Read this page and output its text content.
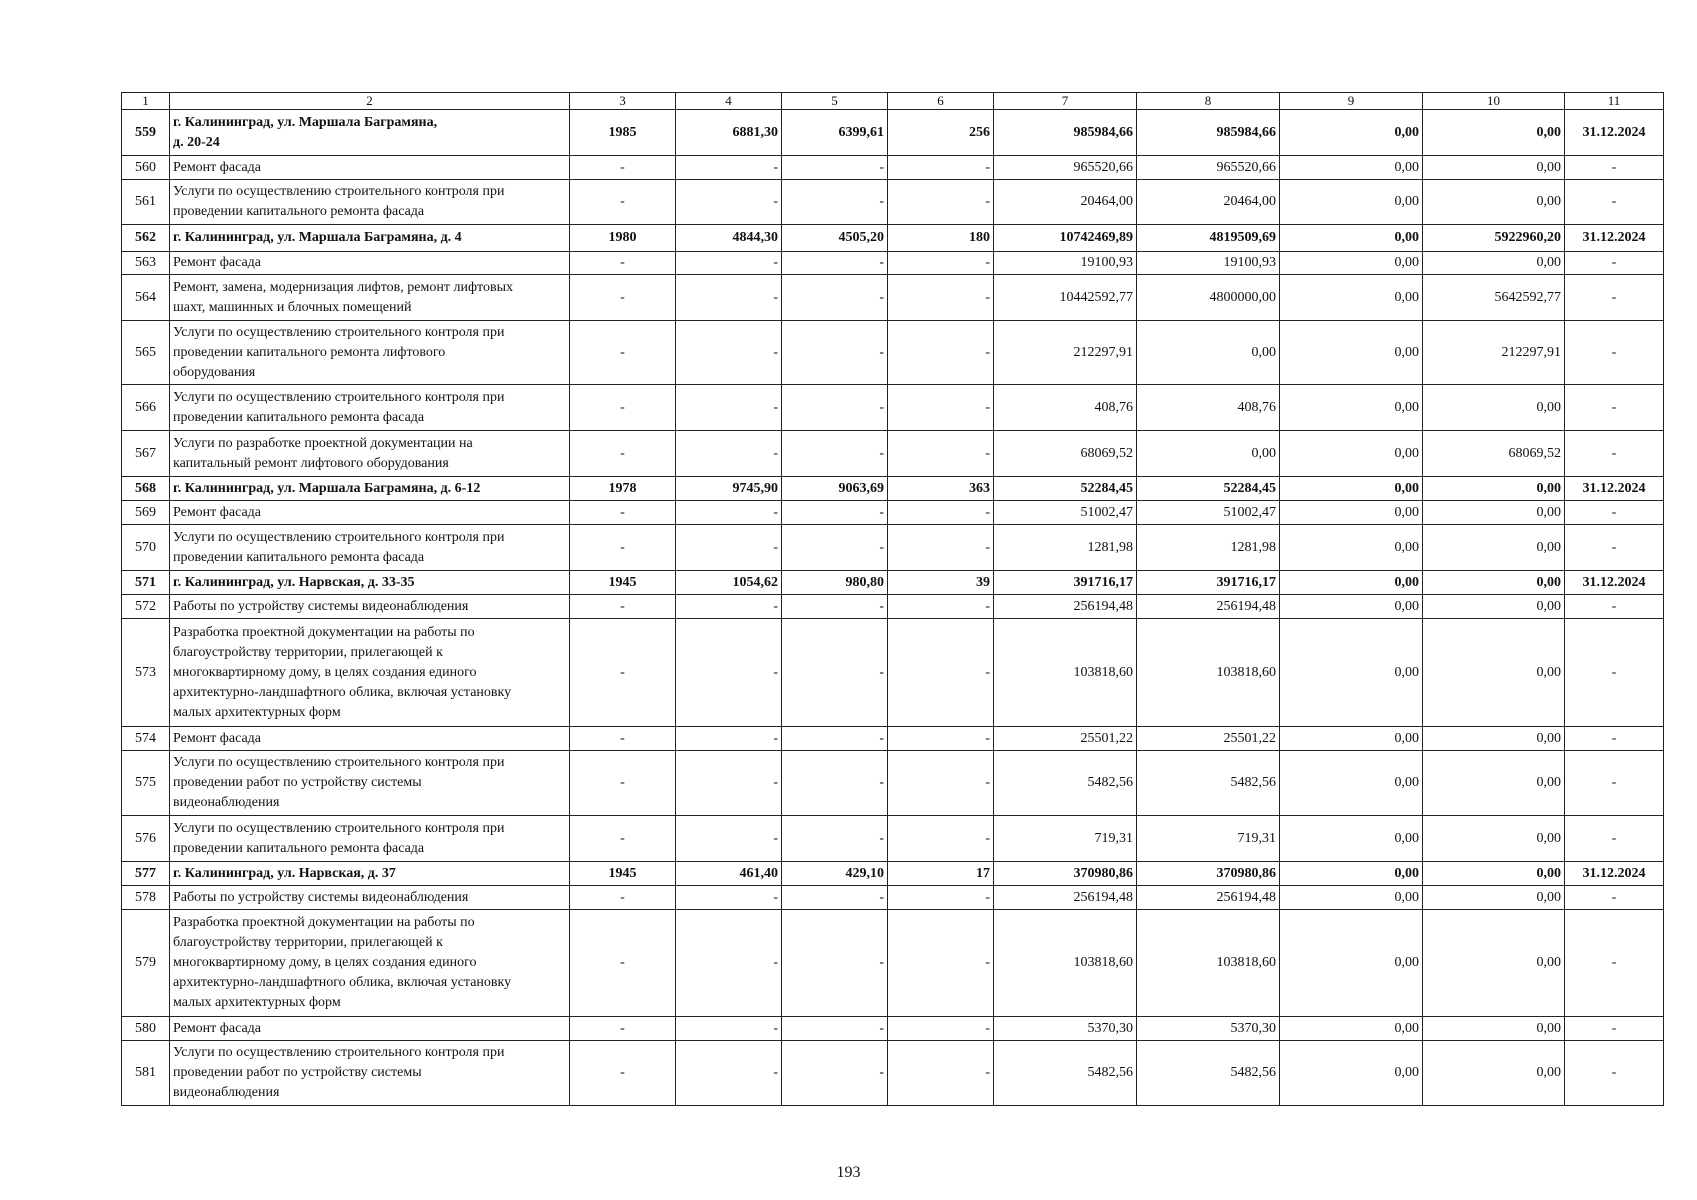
1	2	3	4	5	6	7	8	9	10	11
559	г. Калининград, ул. Маршала Баграмяна,
д. 20-24	1985	6881,30	6399,61	256	985984,66	985984,66	0,00	0,00	31.12.2024
560	Ремонт фасада	-	-	-	-	965520,66	965520,66	0,00	0,00	-
561	Услуги по осуществлению строительного контроля при
проведении капитального ремонта фасада	-	-	-	-	20464,00	20464,00	0,00	0,00	-
562	г. Калининград, ул. Маршала Баграмяна, д. 4	1980	4844,30	4505,20	180	10742469,89	4819509,69	0,00	5922960,20	31.12.2024
563	Ремонт фасада	-	-	-	-	19100,93	19100,93	0,00	0,00	-
564	Ремонт, замена, модернизация лифтов, ремонт лифтовых
шахт, машинных и блочных помещений	-	-	-	-	10442592,77	4800000,00	0,00	5642592,77	-
565	Услуги по осуществлению строительного контроля при
проведении капитального ремонта лифтового
оборудования	-	-	-	-	212297,91	0,00	0,00	212297,91	-
566	Услуги по осуществлению строительного контроля при
проведении капитального ремонта фасада	-	-	-	-	408,76	408,76	0,00	0,00	-
567	Услуги по разработке проектной документации на
капитальный ремонт лифтового оборудования	-	-	-	-	68069,52	0,00	0,00	68069,52	-
568	г. Калининград, ул. Маршала Баграмяна, д. 6-12	1978	9745,90	9063,69	363	52284,45	52284,45	0,00	0,00	31.12.2024
569	Ремонт фасада	-	-	-	-	51002,47	51002,47	0,00	0,00	-
570	Услуги по осуществлению строительного контроля при
проведении капитального ремонта фасада	-	-	-	-	1281,98	1281,98	0,00	0,00	-
571	г. Калининград, ул. Нарвская, д. 33-35	1945	1054,62	980,80	39	391716,17	391716,17	0,00	0,00	31.12.2024
572	Работы по устройству системы видеонаблюдения	-	-	-	-	256194,48	256194,48	0,00	0,00	-
573	Разработка проектной документации на работы по
благоустройству территории, прилегающей к
многоквартирному дому, в целях создания единого
архитектурно-ландшафтного облика, включая установку
малых архитектурных форм	-	-	-	-	103818,60	103818,60	0,00	0,00	-
574	Ремонт фасада	-	-	-	-	25501,22	25501,22	0,00	0,00	-
575	Услуги по осуществлению строительного контроля при
проведении работ по устройству системы
видеонаблюдения	-	-	-	-	5482,56	5482,56	0,00	0,00	-
576	Услуги по осуществлению строительного контроля при
проведении капитального ремонта фасада	-	-	-	-	719,31	719,31	0,00	0,00	-
577	г. Калининград, ул. Нарвская, д. 37	1945	461,40	429,10	17	370980,86	370980,86	0,00	0,00	31.12.2024
578	Работы по устройству системы видеонаблюдения	-	-	-	-	256194,48	256194,48	0,00	0,00	-
579	Разработка проектной документации на работы по
благоустройству территории, прилегающей к
многоквартирному дому, в целях создания единого
архитектурно-ландшафтного облика, включая установку
малых архитектурных форм	-	-	-	-	103818,60	103818,60	0,00	0,00	-
580	Ремонт фасада	-	-	-	-	5370,30	5370,30	0,00	0,00	-
581	Услуги по осуществлению строительного контроля при
проведении работ по устройству системы
видеонаблюдения	-	-	-	-	5482,56	5482,56	0,00	0,00	-
193
